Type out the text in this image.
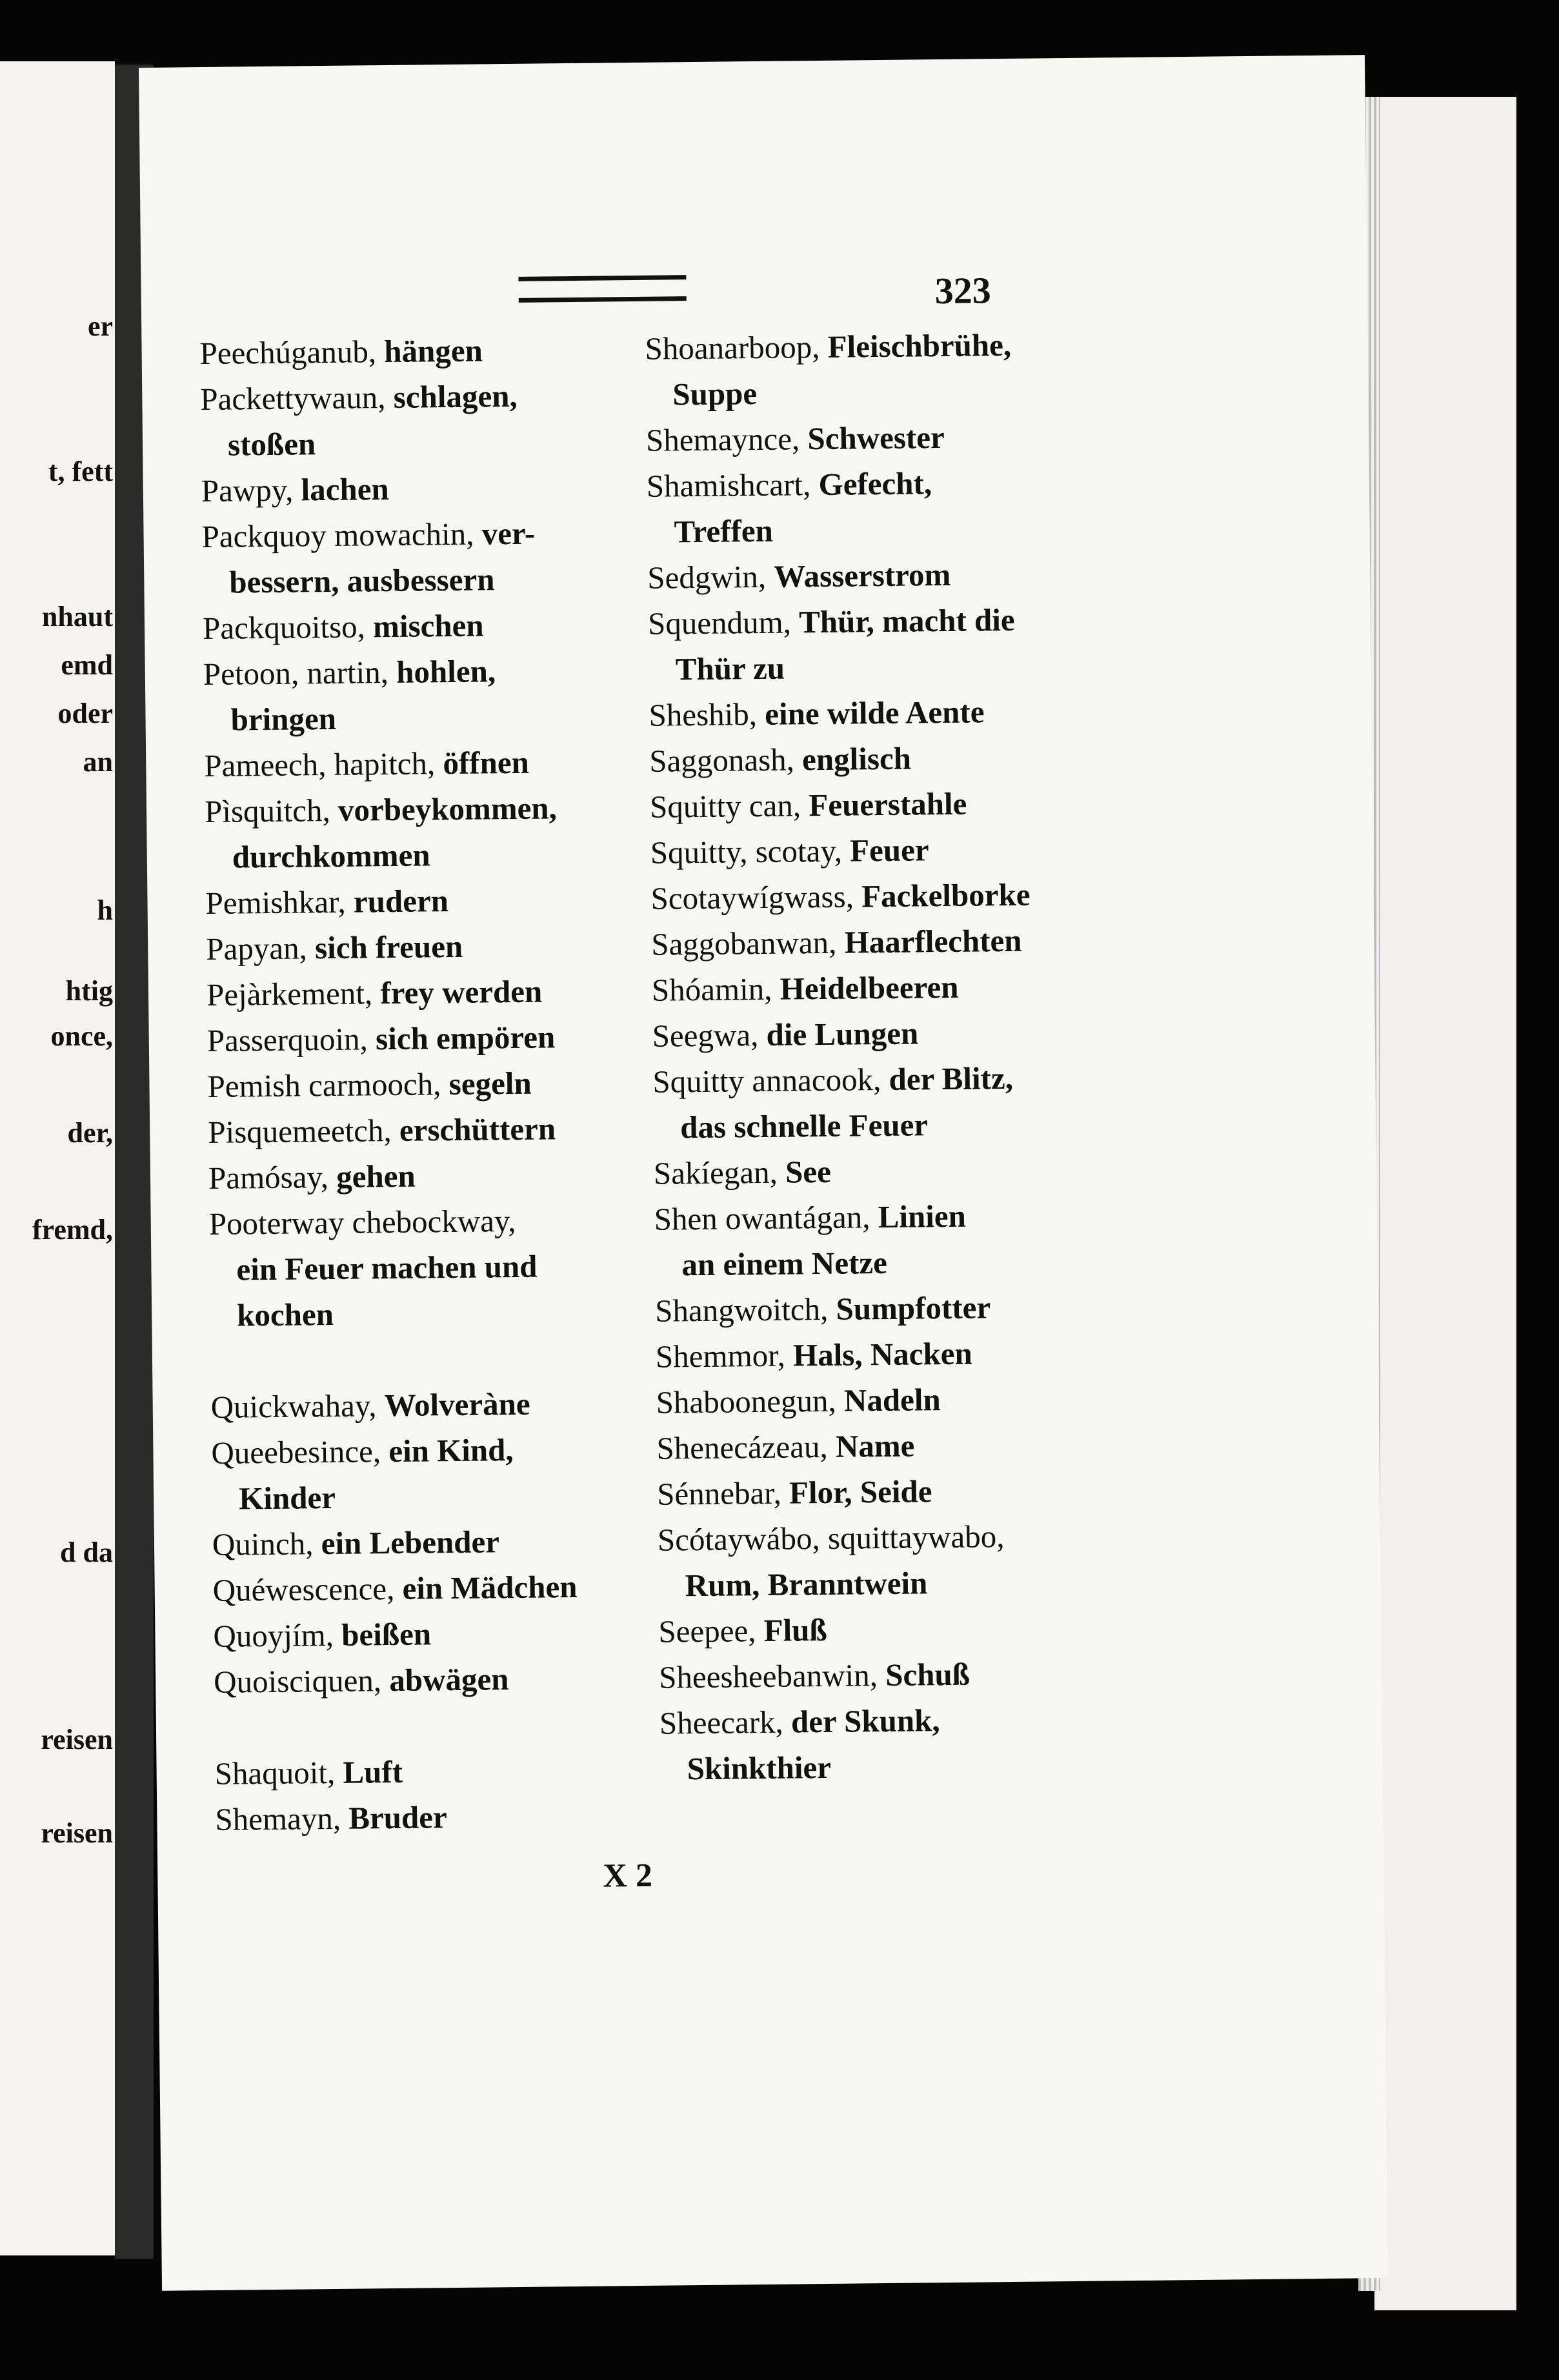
er
t, fett
nhaut
emd
oder
an
h
htig
once,
der,
fremd,
d da
reisen
reisen
323
Peechúganub, hängen
Packettywaun, schlagen,
stoßen
Pawpy, lachen
Packquoy mowachin, ver-
bessern, ausbessern
Packquoitso, mischen
Petoon, nartin, hohlen,
bringen
Pameech, hapitch, öffnen
Pìsquitch, vorbeykommen,
durchkommen
Pemishkar, rudern
Papyan, sich freuen
Pejàrkement, frey werden
Passerquoin, sich empören
Pemish carmooch, segeln
Pisquemeetch, erschüttern
Pamósay, gehen
Pooterway chebockway,
ein Feuer machen und
kochen
Quickwahay, Wolveràne
Queebesince, ein Kind,
Kinder
Quinch, ein Lebender
Quéwescence, ein Mädchen
Quoyjím, beißen
Quoisciquen, abwägen
Shaquoit, Luft
Shemayn, Bruder
Shoanarboop, Fleischbrühe,
Suppe
Shemaynce, Schwester
Shamishcart, Gefecht,
Treffen
Sedgwin, Wasserstrom
Squendum, Thür, macht die
Thür zu
Sheshib, eine wilde Aente
Saggonash, englisch
Squitty can, Feuerstahle
Squitty, scotay, Feuer
Scotaywígwass, Fackelborke
Saggobanwan, Haarflechten
Shóamin, Heidelbeeren
Seegwa, die Lungen
Squitty annacook, der Blitz,
das schnelle Feuer
Sakíegan, See
Shen owantágan, Linien
an einem Netze
Shangwoitch, Sumpfotter
Shemmor, Hals, Nacken
Shaboonegun, Nadeln
Shenecázeau, Name
Sénnebar, Flor, Seide
Scótaywábo, squittaywabo,
Rum, Branntwein
Seepee, Fluß
Sheesheebanwin, Schuß
Sheecark, der Skunk,
Skinkthier
X 2
